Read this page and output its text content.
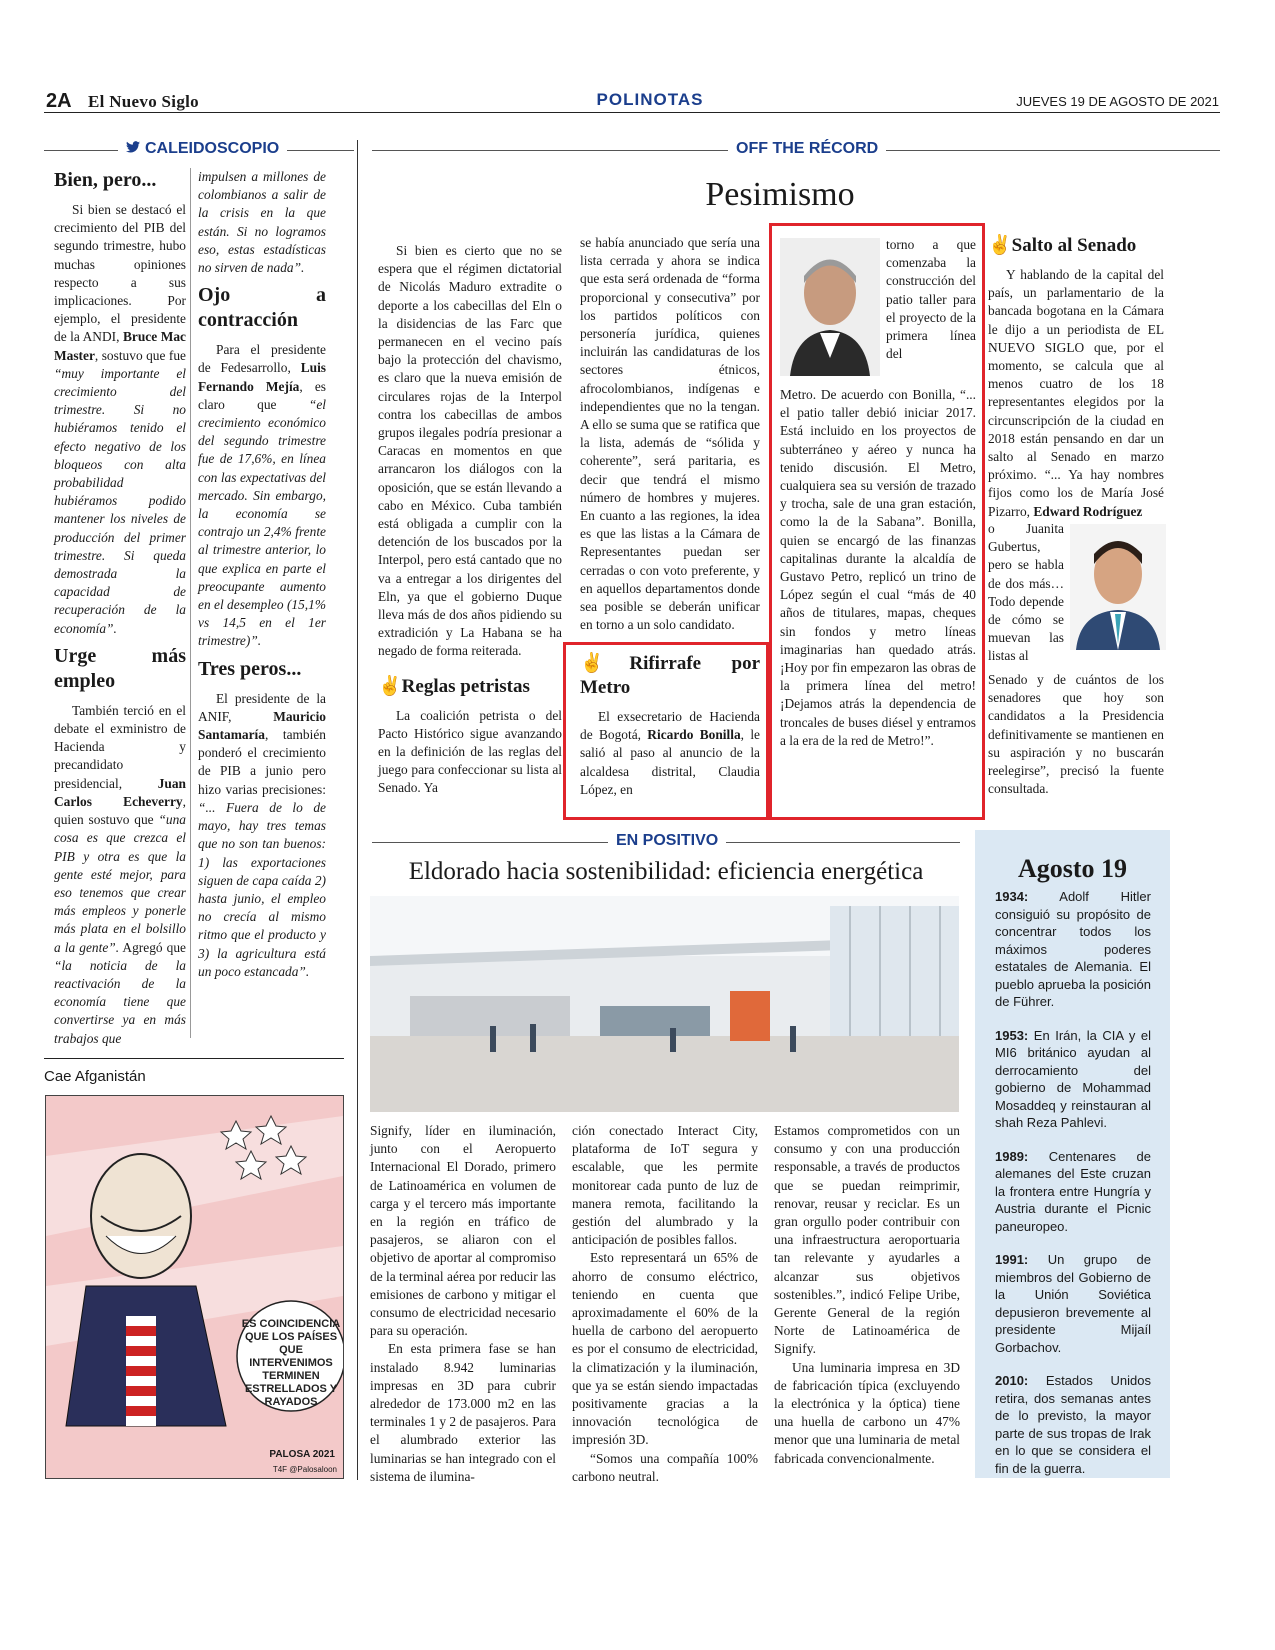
2A El Nuevo Siglo	POLINOTAS	JUEVES 19 DE AGOSTO DE 2021
CALEIDOSCOPIO
Bien, pero...

Si bien se destacó el crecimiento del PIB del segundo trimestre, hubo muchas opiniones respecto a sus implicaciones. Por ejemplo, el presidente de la ANDI, Bruce Mac Master, sostuvo que fue “muy importante el crecimiento del trimestre. Si no hubiéramos tenido el efecto negativo de los bloqueos con alta probabilidad hubiéramos podido mantener los niveles de producción del primer trimestre. Si queda demostrada la capacidad de recuperación de la economía”.

Urge más empleo

También terció en el debate el exministro de Hacienda y precandidato presidencial, Juan Carlos Echeverry, quien sostuvo que “una cosa es que crezca el PIB y otra es que la gente esté mejor, para eso tenemos que crear más empleos y ponerle más plata en el bolsillo a la gente”. Agregó que “la noticia de la reactivación de la economía tiene que convertirse ya en más trabajos que

impulsen a millones de colombianos a salir de la crisis en la que están. Si no logramos eso, estas estadísticas no sirven de nada”.

Ojo a contracción

Para el presidente de Fedesarrollo, Luis Fernando Mejía, es claro que “el crecimiento económico del segundo trimestre fue de 17,6%, en línea con las expectativas del mercado. Sin embargo, la economía se contrajo un 2,4% frente al trimestre anterior, lo que explica en parte el preocupante aumento en el desempleo (15,1% vs 14,5 en el 1er trimestre)”.

Tres peros...

El presidente de la ANIF, Mauricio Santamaría, también ponderó el crecimiento de PIB a junio pero hizo varias precisiones: “... Fuera de lo de mayo, hay tres temas que no son tan buenos: 1) las exportaciones siguen de capa caída 2) hasta junio, el empleo no crecía al mismo ritmo que el producto y 3) la agricultura está un poco estancada”.

Cae Afganistán
ES COINCIDENCIA QUE LOS PAÍSES QUE INTERVENIMOS TERMINEN ESTRELLADOS Y RAYADOS
PALOSA 2021
T4F @Palosaloon
OFF THE RÉCORD
Pesimismo

Si bien es cierto que no se espera que el régimen dictatorial de Nicolás Maduro extradite o deporte a los cabecillas del Eln o la disidencias de las Farc que permanecen en el vecino país bajo la protección del chavismo, es claro que la nueva emisión de circulares rojas de la Interpol contra los cabecillas de ambos grupos ilegales podría presionar a Caracas en momentos en que arrancaron los diálogos con la oposición, que se están llevando a cabo en México. Cuba también está obligada a cumplir con la detención de los buscados por la Interpol, pero está cantado que no va a entregar a los dirigentes del Eln, ya que el gobierno Duque lleva más de dos años pidiendo su extradición y La Habana se ha negado de forma reiterada.

✌Reglas petristas

La coalición petrista o del Pacto Histórico sigue avanzando en la definición de las reglas del juego para confeccionar su lista al Senado. Ya

se había anunciado que sería una lista cerrada y ahora se indica que esta será ordenada de “forma proporcional y consecutiva” por los partidos políticos con personería jurídica, quienes incluirán las candidaturas de los sectores étnicos, afrocolombianos, indígenas e independientes que no la tengan. A ello se suma que se ratifica que la lista, además de “sólida y coherente”, será paritaria, es decir que tendrá el mismo número de hombres y mujeres. En cuanto a las regiones, la idea es que las listas a la Cámara de Representantes puedan ser cerradas o con voto preferente, y en aquellos departamentos donde sea posible se deberán unificar en torno a un solo candidato.

✌Rifirrafe por Metro

El exsecretario de Hacienda de Bogotá, Ricardo Bonilla, le salió al paso al anuncio de la alcaldesa distrital, Claudia López, en

torno a que comenzaba la construcción del patio taller para el proyecto de la primera línea del

Metro. De acuerdo con Bonilla, “... el patio taller debió iniciar 2017. Está incluido en los proyectos de subterráneo y aéreo y nunca ha tenido discusión. El Metro, cualquiera sea su versión de trazado y trocha, sale de una gran estación, como la de la Sabana”. Bonilla, quien se encargó de las finanzas capitalinas durante la alcaldía de Gustavo Petro, replicó un trino de López según el cual “más de 40 años de titulares, mapas, cheques sin fondos y metro líneas imaginarias han quedado atrás. ¡Hoy por fin empezaron las obras de la primera línea del metro! ¡Dejamos atrás la dependencia de troncales de buses diésel y entramos a la era de la red de Metro!”.

✌Salto al Senado

Y hablando de la capital del país, un parlamentario de la bancada bogotana en la Cámara le dijo a un periodista de EL NUEVO SIGLO que, por el momento, se calcula que al menos cuatro de los 18 representantes elegidos por la circunscripción de la ciudad en 2018 están pensando en dar un salto al Senado en marzo próximo. “... Ya hay nombres fijos como los de María José Pizarro, Edward Rodríguez

o Juanita Gubertus, pero se habla de dos más… Todo depende de cómo se muevan las listas al

Senado y de cuántos de los senadores que hoy son candidatos a la Presidencia definitivamente se mantienen en su aspiración y no buscarán reelegirse”, precisó la fuente consultada.

EN POSITIVO
Eldorado hacia sostenibilidad: eficiencia energética

Signify, líder en iluminación, junto con el Aeropuerto Internacional El Dorado, primero de Latinoamérica en volumen de carga y el tercero más importante en la región en tráfico de pasajeros, se aliaron con el objetivo de aportar al compromiso de la terminal aérea por reducir las emisiones de carbono y mitigar el consumo de electricidad necesario para su operación.

En esta primera fase se han instalado 8.942 luminarias impresas en 3D para cubrir alrededor de 173.000 m2 en las terminales 1 y 2 de pasajeros. Para el alumbrado exterior las luminarias se han integrado con el sistema de ilumina-

ción conectado Interact City, plataforma de IoT segura y escalable, que les permite monitorear cada punto de luz de manera remota, facilitando la gestión del alumbrado y la anticipación de posibles fallos.

Esto representará un 65% de ahorro de consumo eléctrico, teniendo en cuenta que aproximadamente el 60% de la huella de carbono del aeropuerto es por el consumo de electricidad, la climatización y la iluminación, que ya se están siendo impactadas positivamente gracias a la innovación tecnológica de impresión 3D.

“Somos una compañía 100% carbono neutral.

Estamos comprometidos con un consumo y con una producción responsable, a través de productos que se puedan reimprimir, renovar, reusar y reciclar. Es un gran orgullo poder contribuir con una infraestructura aeroportuaria tan relevante y ayudarles a alcanzar sus objetivos sostenibles.”, indicó Felipe Uribe, Gerente General de la región Norte de Latinoamérica de Signify.

Una luminaria impresa en 3D de fabricación típica (excluyendo la electrónica y la óptica) tiene una huella de carbono un 47% menor que una luminaria de metal fabricada convencionalmente.

Agosto 19

1934: Adolf Hitler consiguió su propósito de concentrar todos los máximos poderes estatales de Alemania. El pueblo aprueba la posición de Führer.

1953: En Irán, la CIA y el MI6 británico ayudan al derrocamiento del gobierno de Mohammad Mosaddeq y reinstauran al shah Reza Pahlevi.

1989: Centenares de alemanes del Este cruzan la frontera entre Hungría y Austria durante el Picnic paneuropeo.

1991: Un grupo de miembros del Gobierno de la Unión Soviética depusieron brevemente al presidente Mijaíl Gorbachov.

2010: Estados Unidos retira, dos semanas antes de lo previsto, la mayor parte de sus tropas de Irak en lo que se considera el fin de la guerra.
